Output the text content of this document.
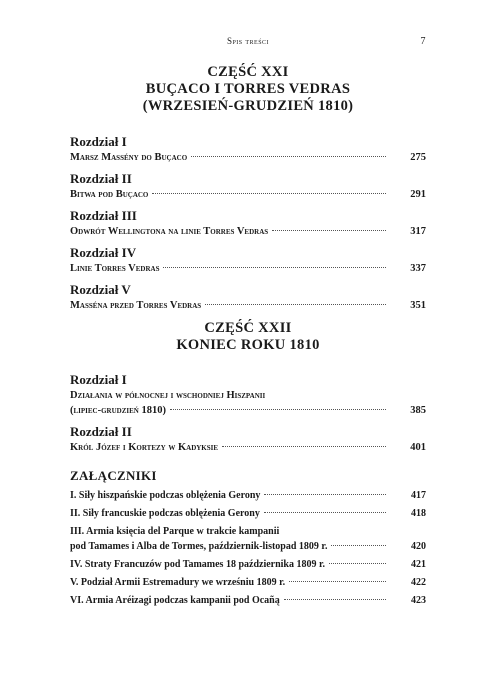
Spis treści	7
CZĘŚĆ XXI
BUÇACO I TORRES VEDRAS
(WRZESIEŃ-GRUDZIEŃ 1810)
Rozdział I
Marsz Massény do Buçaco	275
Rozdział II
Bitwa pod Buçaco	291
Rozdział III
Odwrót Wellingtona na linie Torres Vedras	317
Rozdział IV
Linie Torres Vedras	337
Rozdział V
Masséna przed Torres Vedras	351
CZĘŚĆ XXII
KONIEC ROKU 1810
Rozdział I
Działania w północnej i wschodniej Hiszpanii
(lipiec-grudzień 1810)	385
Rozdział II
Król Józef i Kortezy w Kadyksie	401
ZAŁĄCZNIKI
I. Siły hiszpańskie podczas oblężenia Gerony	417
II. Siły francuskie podczas oblężenia Gerony	418
III. Armia księcia del Parque w trakcie kampanii
pod Tamames i Alba de Tormes, październik-listopad 1809 r.	420
IV. Straty Francuzów pod Tamames 18 października 1809 r.	421
V. Podział Armii Estremadury we wrześniu 1809 r.	422
VI. Armia Aréizagi podczas kampanii pod Ocañą	423
